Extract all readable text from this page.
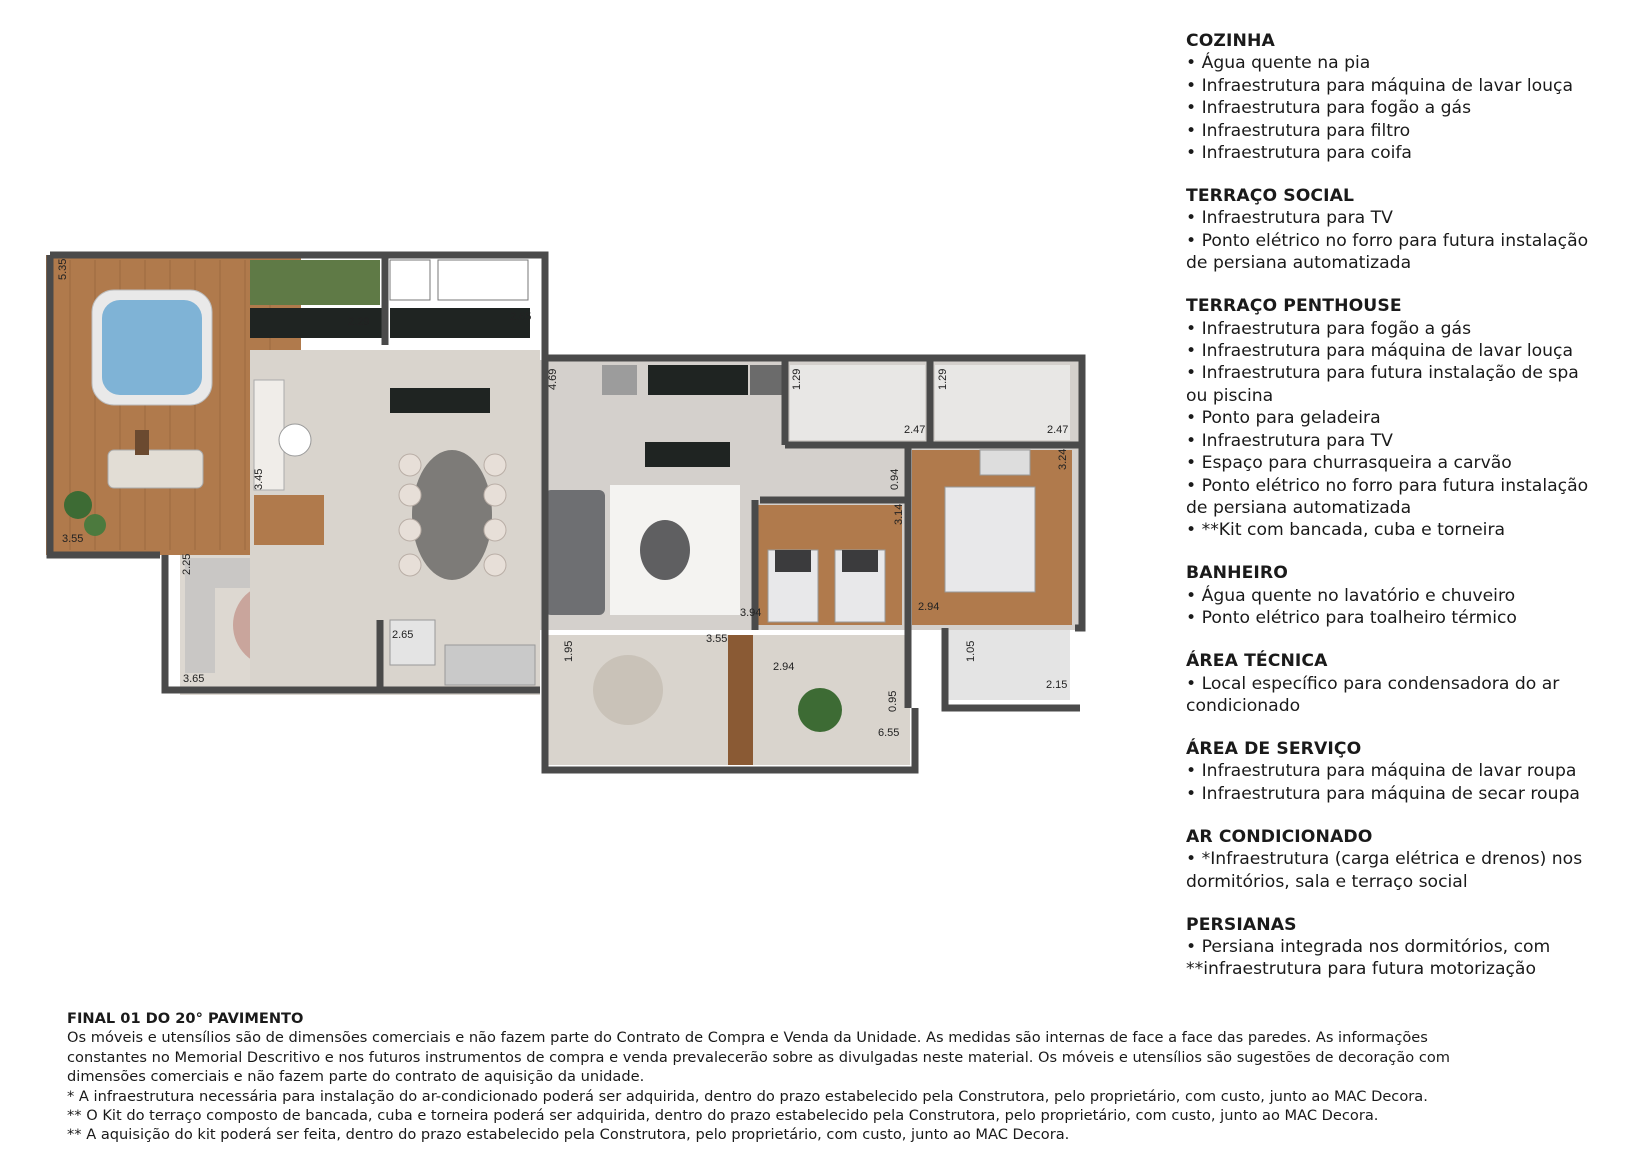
5.35
2.29	2.65
4.69	1.29	1.29
2.47	2.47
3.24
0.94
3.14
3.45
3.55
2.25
3.94	2.94
2.94
2.65
1.95
3.55
1.05
2.15
3.65
0.95
6.55
COZINHA
• Água quente na pia
• Infraestrutura para máquina de lavar louça
• Infraestrutura para fogão a gás
• Infraestrutura para filtro
• Infraestrutura para coifa
TERRAÇO SOCIAL
• Infraestrutura para TV
• Ponto elétrico no forro para futura instalação
de persiana automatizada
TERRAÇO PENTHOUSE
• Infraestrutura para fogão a gás
• Infraestrutura para máquina de lavar louça
• Infraestrutura para futura instalação de spa
ou piscina
• Ponto para geladeira
• Infraestrutura para TV
• Espaço para churrasqueira a carvão
• Ponto elétrico no forro para futura instalação
de persiana automatizada
• **Kit com bancada, cuba e torneira
BANHEIRO
• Água quente no lavatório e chuveiro
• Ponto elétrico para toalheiro térmico
ÁREA TÉCNICA
• Local específico para condensadora do ar
condicionado
ÁREA DE SERVIÇO
• Infraestrutura para máquina de lavar roupa
• Infraestrutura para máquina de secar roupa
AR CONDICIONADO
• *Infraestrutura (carga elétrica e drenos) nos
dormitórios, sala e terraço social
PERSIANAS
• Persiana integrada nos dormitórios, com
**infraestrutura para futura motorização
FINAL 01 DO 20° PAVIMENTO
Os móveis e utensílios são de dimensões comerciais e não fazem parte do Contrato de Compra e Venda da Unidade. As medidas são internas de face a face das paredes. As informações
constantes no Memorial Descritivo e nos futuros instrumentos de compra e venda prevalecerão sobre as divulgadas neste material. Os móveis e utensílios são sugestões de decoração com
dimensões comerciais e não fazem parte do contrato de aquisição da unidade.
* A infraestrutura necessária para instalação do ar-condicionado poderá ser adquirida, dentro do prazo estabelecido pela Construtora, pelo proprietário, com custo, junto ao MAC Decora.
** O Kit do terraço composto de bancada, cuba e torneira poderá ser adquirida, dentro do prazo estabelecido pela Construtora, pelo proprietário, com custo, junto ao MAC Decora.
** A aquisição do kit poderá ser feita, dentro do prazo estabelecido pela Construtora, pelo proprietário, com custo, junto ao MAC Decora.
